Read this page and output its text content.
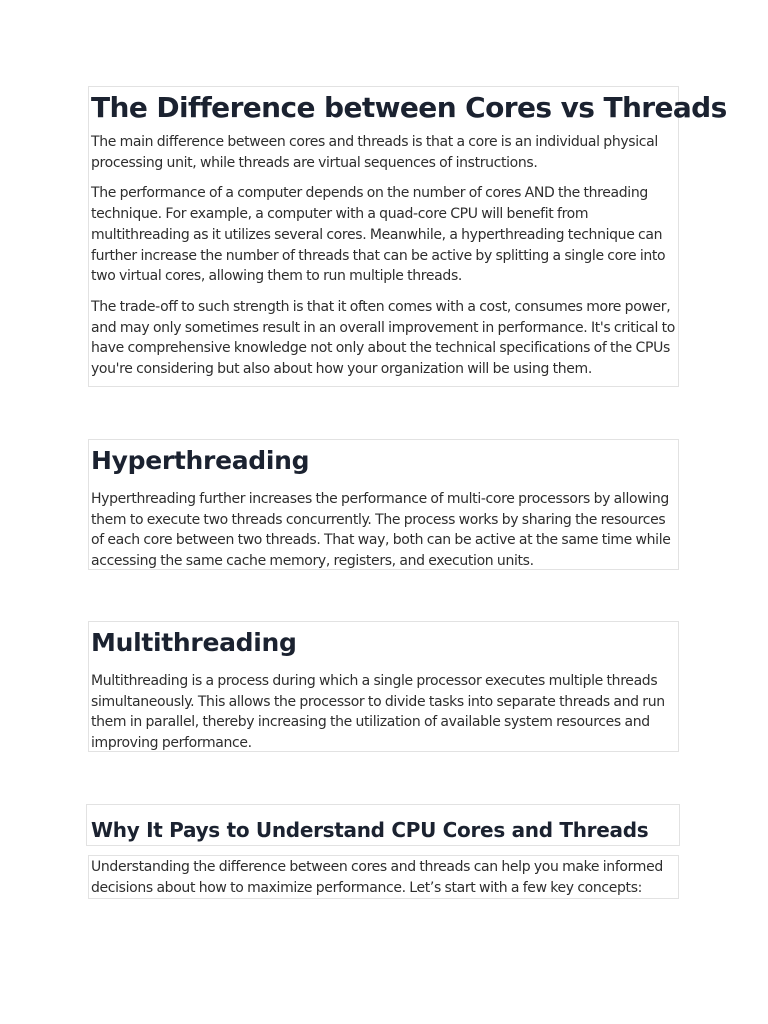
The Difference between Cores vs Threads

The main difference between cores and threads is that a core is an individual physical processing unit, while threads are virtual sequences of instructions.

The performance of a computer depends on the number of cores AND the threading technique. For example, a computer with a quad-core CPU will benefit from multithreading as it utilizes several cores. Meanwhile, a hyperthreading technique can further increase the number of threads that can be active by splitting a single core into two virtual cores, allowing them to run multiple threads.

The trade-off to such strength is that it often comes with a cost, consumes more power, and may only sometimes result in an overall improvement in performance. It's critical to have comprehensive knowledge not only about the technical specifications of the CPUs you're considering but also about how your organization will be using them.

Hyperthreading

Hyperthreading further increases the performance of multi-core processors by allowing them to execute two threads concurrently. The process works by sharing the resources of each core between two threads. That way, both can be active at the same time while accessing the same cache memory, registers, and execution units.

Multithreading

Multithreading is a process during which a single processor executes multiple threads simultaneously. This allows the processor to divide tasks into separate threads and run them in parallel, thereby increasing the utilization of available system resources and improving performance.

Why It Pays to Understand CPU Cores and Threads

Understanding the difference between cores and threads can help you make informed decisions about how to maximize performance. Let’s start with a few key concepts:
